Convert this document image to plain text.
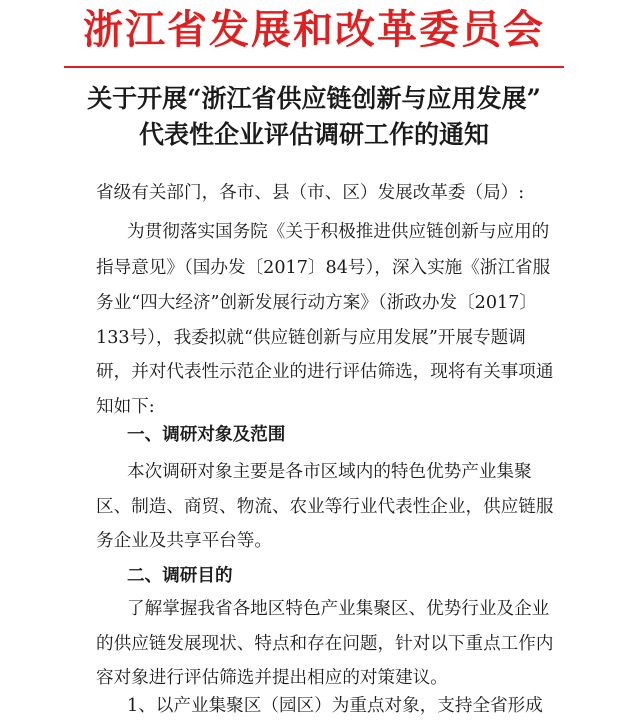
浙江省发展和改革委员会
关于开展“浙江省供应链创新与应用发展”
代表性企业评估调研工作的通知
省级有关部门，各市、县（市、区）发展改革委（局）:
为贯彻落实国务院《关于积极推进供应链创新与应用的
指导意见》（国办发〔2017〕84号），深入实施《浙江省服
务业“四大经济”创新发展行动方案》（浙政办发〔2017〕
133号），我委拟就“供应链创新与应用发展”开展专题调
研，并对代表性示范企业的进行评估筛选，现将有关事项通
知如下:
一、调研对象及范围
本次调研对象主要是各市区域内的特色优势产业集聚
区、制造、商贸、物流、农业等行业代表性企业，供应链服
务企业及共享平台等。
二、调研目的
了解掌握我省各地区特色产业集聚区、优势行业及企业
的供应链发展现状、特点和存在问题，针对以下重点工作内
容对象进行评估筛选并提出相应的对策建议。
1、以产业集聚区（园区）为重点对象，支持全省形成
